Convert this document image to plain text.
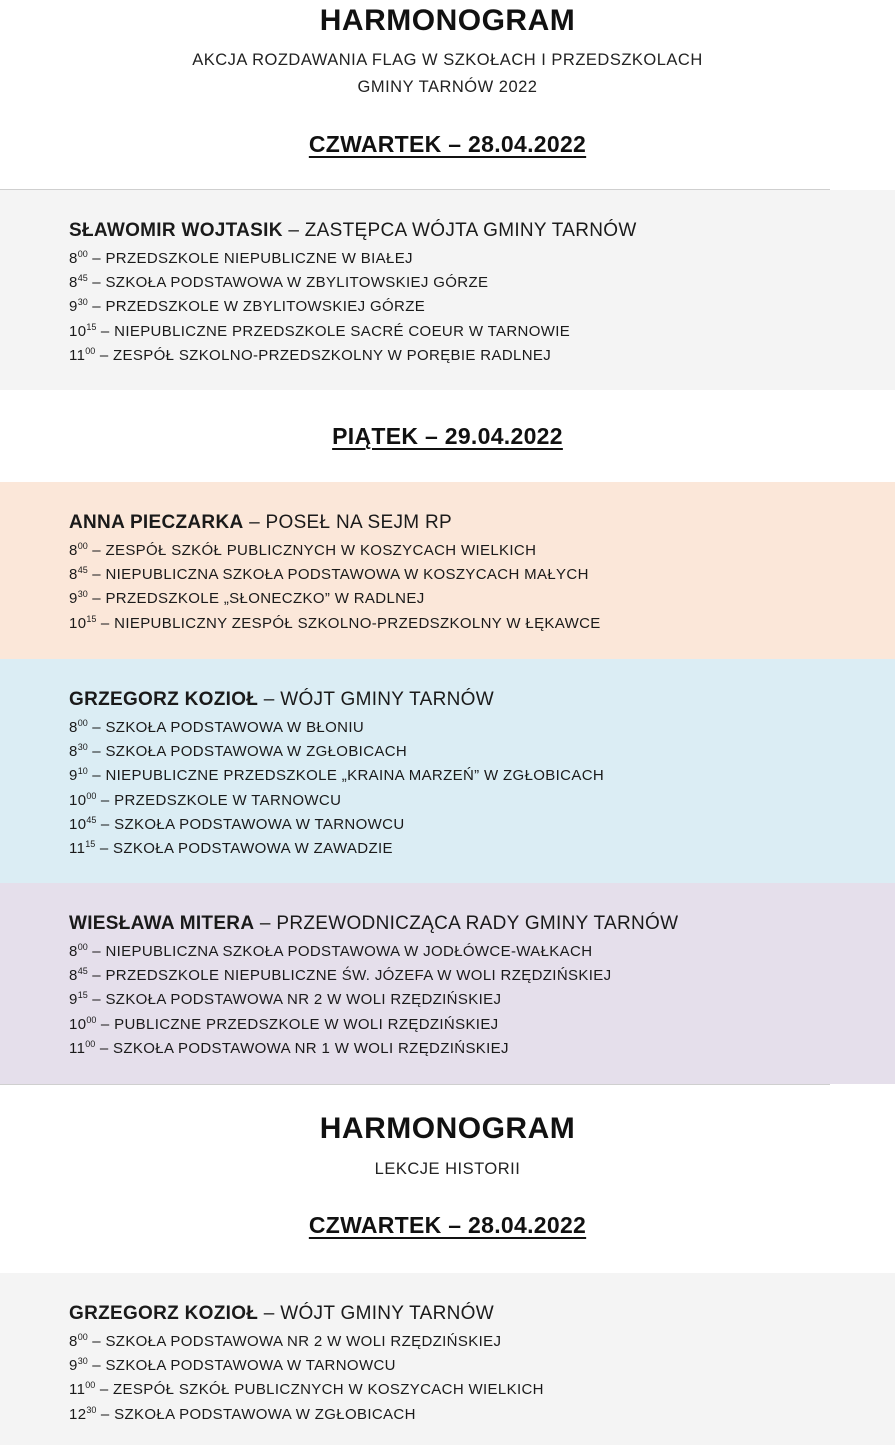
HARMONOGRAM
AKCJA ROZDAWANIA FLAG W SZKOŁACH I PRZEDSZKOLACH
GMINY TARNÓW 2022
CZWARTEK – 28.04.2022
SŁAWOMIR WOJTASIK – ZASTĘPCA WÓJTA GMINY TARNÓW
$8^{00}$ – PRZEDSZKOLE NIEPUBLICZNE W BIAŁEJ
$8^{45}$ – SZKOŁA PODSTAWOWA W ZBYLITOWSKIEJ GÓRZE
$9^{30}$ – PRZEDSZKOLE W ZBYLITOWSKIEJ GÓRZE
$10^{15}$ – NIEPUBLICZNE PRZEDSZKOLE SACRÉ COEUR W TARNOWIE
$11^{00}$ – ZESPÓŁ SZKOLNO-PRZEDSZKOLNY W PORĘBIE RADLNEJ
PIĄTEK – 29.04.2022
ANNA PIECZARKA – POSEŁ NA SEJM RP
$8^{00}$ – ZESPÓŁ SZKÓŁ PUBLICZNYCH W KOSZYCACH WIELKICH
$8^{45}$ – NIEPUBLICZNA SZKOŁA PODSTAWOWA W KOSZYCACH MAŁYCH
$9^{30}$ – PRZEDSZKOLE „SŁONECZKO” W RADLNEJ
$10^{15}$ – NIEPUBLICZNY ZESPÓŁ SZKOLNO-PRZEDSZKOLNY W ŁĘKAWCE
GRZEGORZ KOZIOŁ – WÓJT GMINY TARNÓW
$8^{00}$ – SZKOŁA PODSTAWOWA W BŁONIU
$8^{30}$ – SZKOŁA PODSTAWOWA W ZGŁOBICACH
$9^{10}$ – NIEPUBLICZNE PRZEDSZKOLE „KRAINA MARZEŃ” W ZGŁOBICACH
$10^{00}$ – PRZEDSZKOLE W TARNOWCU
$10^{45}$ – SZKOŁA PODSTAWOWA W TARNOWCU
$11^{15}$ – SZKOŁA PODSTAWOWA W ZAWADZIE
WIESŁAWA MITERA – PRZEWODNICZĄCA RADY GMINY TARNÓW
$8^{00}$ – NIEPUBLICZNA SZKOŁA PODSTAWOWA W JODŁÓWCE-WAŁKACH
$8^{45}$ – PRZEDSZKOLE NIEPUBLICZNE ŚW. JÓZEFA W WOLI RZĘDZIŃSKIEJ
$9^{15}$ – SZKOŁA PODSTAWOWA NR 2 W WOLI RZĘDZIŃSKIEJ
$10^{00}$ – PUBLICZNE PRZEDSZKOLE W WOLI RZĘDZIŃSKIEJ
$11^{00}$ – SZKOŁA PODSTAWOWA NR 1 W WOLI RZĘDZIŃSKIEJ
HARMONOGRAM
LEKCJE HISTORII
CZWARTEK – 28.04.2022
GRZEGORZ KOZIOŁ – WÓJT GMINY TARNÓW
$8^{00}$ – SZKOŁA PODSTAWOWA NR 2 W WOLI RZĘDZIŃSKIEJ
$9^{30}$ – SZKOŁA PODSTAWOWA W TARNOWCU
$11^{00}$ – ZESPÓŁ SZKÓŁ PUBLICZNYCH W KOSZYCACH WIELKICH
$12^{30}$ – SZKOŁA PODSTAWOWA W ZGŁOBICACH
